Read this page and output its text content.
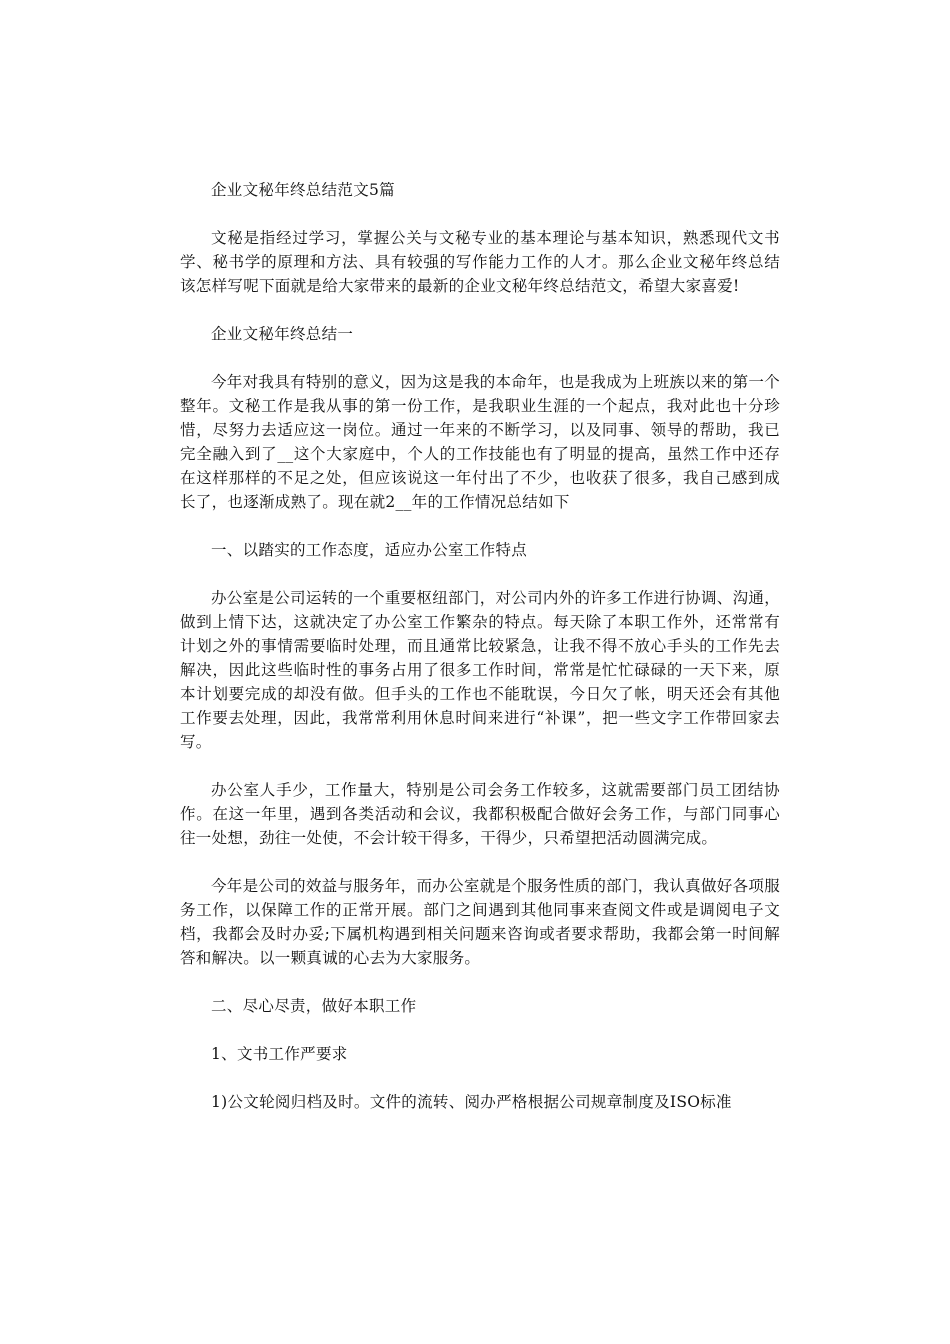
企业文秘年终总结范文5篇

文秘是指经过学习，掌握公关与文秘专业的基本理论与基本知识，熟悉现代文书学、秘书学的原理和方法、具有较强的写作能力工作的人才。那么企业文秘年终总结该怎样写呢下面就是给大家带来的最新的企业文秘年终总结范文，希望大家喜爱!

企业文秘年终总结一

今年对我具有特别的意义，因为这是我的本命年，也是我成为上班族以来的第一个整年。文秘工作是我从事的第一份工作，是我职业生涯的一个起点，我对此也十分珍惜，尽努力去适应这一岗位。通过一年来的不断学习，以及同事、领导的帮助，我已完全融入到了__这个大家庭中，个人的工作技能也有了明显的提高，虽然工作中还存在这样那样的不足之处，但应该说这一年付出了不少，也收获了很多，我自己感到成长了，也逐渐成熟了。现在就2__年的工作情况总结如下

一、以踏实的工作态度，适应办公室工作特点

办公室是公司运转的一个重要枢纽部门，对公司内外的许多工作进行协调、沟通，做到上情下达，这就决定了办公室工作繁杂的特点。每天除了本职工作外，还常常有计划之外的事情需要临时处理，而且通常比较紧急，让我不得不放心手头的工作先去解决，因此这些临时性的事务占用了很多工作时间，常常是忙忙碌碌的一天下来，原本计划要完成的却没有做。但手头的工作也不能耽误，今日欠了帐，明天还会有其他工作要去处理，因此，我常常利用休息时间来进行“补课”，把一些文字工作带回家去写。

办公室人手少，工作量大，特别是公司会务工作较多，这就需要部门员工团结协作。在这一年里，遇到各类活动和会议，我都积极配合做好会务工作，与部门同事心往一处想，劲往一处使，不会计较干得多，干得少，只希望把活动圆满完成。

今年是公司的效益与服务年，而办公室就是个服务性质的部门，我认真做好各项服务工作，以保障工作的正常开展。部门之间遇到其他同事来查阅文件或是调阅电子文档，我都会及时办妥;下属机构遇到相关问题来咨询或者要求帮助，我都会第一时间解答和解决。以一颗真诚的心去为大家服务。

二、尽心尽责，做好本职工作

1、文书工作严要求

1)公文轮阅归档及时。文件的流转、阅办严格根据公司规章制度及ISO标准
